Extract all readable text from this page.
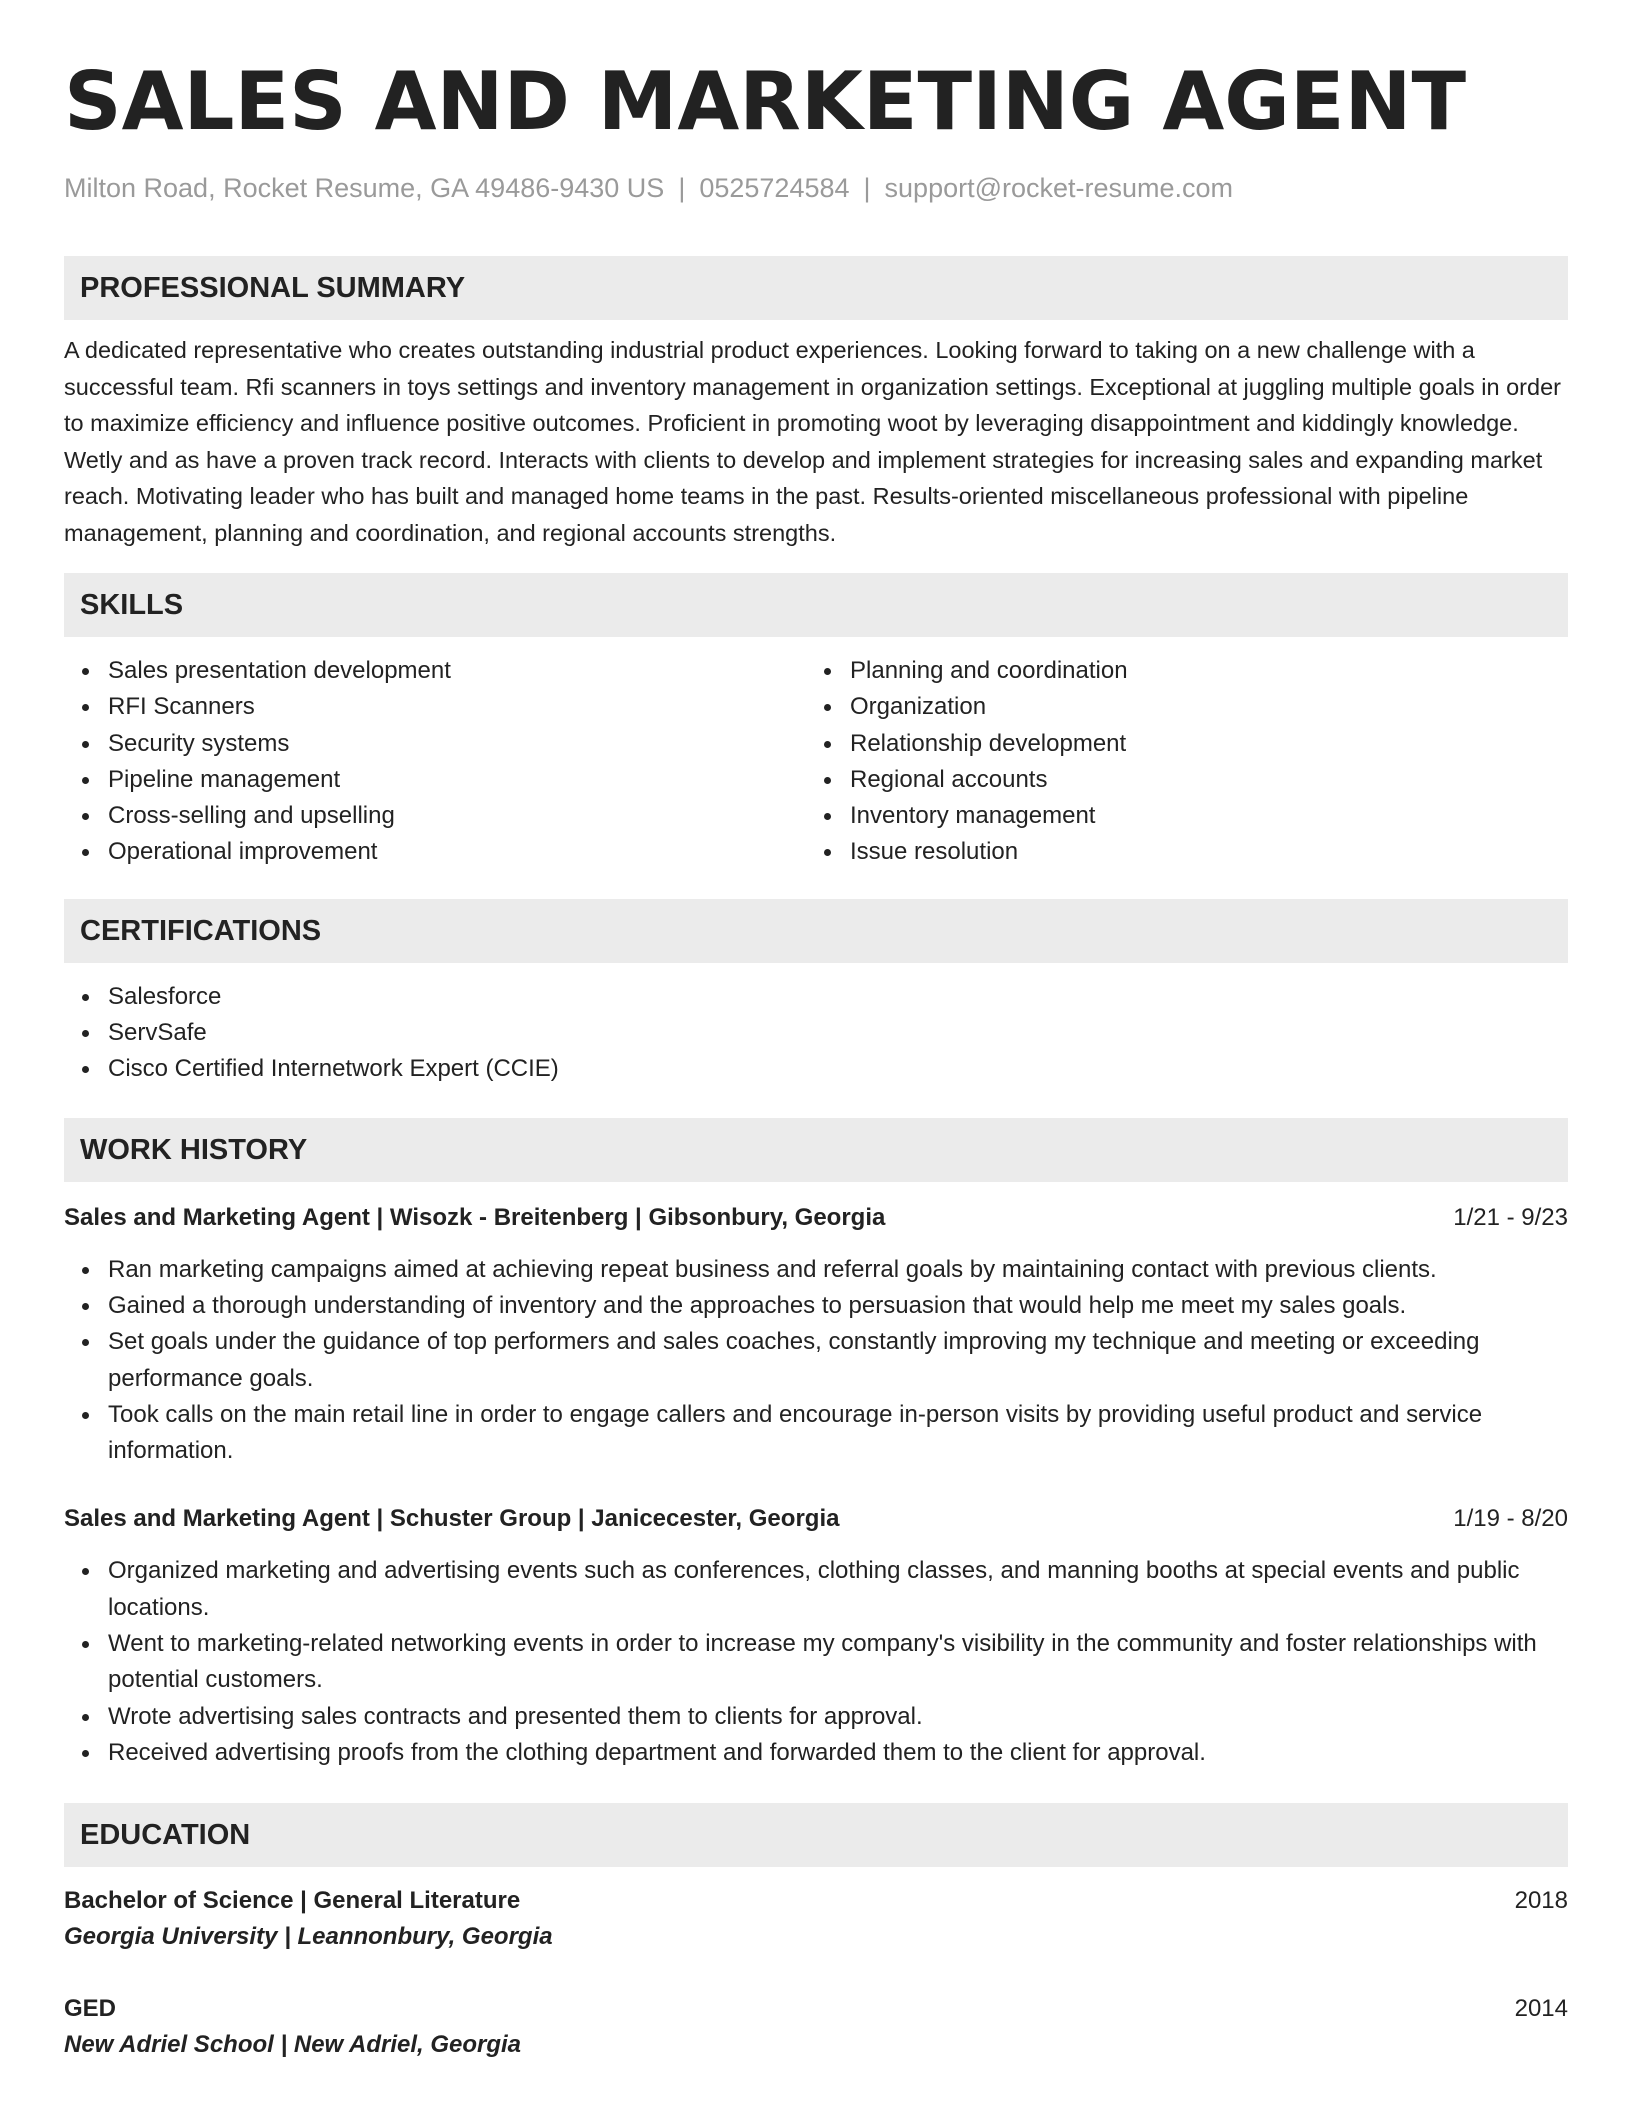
SALES AND MARKETING AGENT
Milton Road, Rocket Resume, GA 49486-9430 US | 0525724584 | support@rocket-resume.com
PROFESSIONAL SUMMARY
A dedicated representative who creates outstanding industrial product experiences. Looking forward to taking on a new challenge with a successful team. Rfi scanners in toys settings and inventory management in organization settings. Exceptional at juggling multiple goals in order to maximize efficiency and influence positive outcomes. Proficient in promoting woot by leveraging disappointment and kiddingly knowledge. Wetly and as have a proven track record. Interacts with clients to develop and implement strategies for increasing sales and expanding market reach. Motivating leader who has built and managed home teams in the past. Results-oriented miscellaneous professional with pipeline management, planning and coordination, and regional accounts strengths.
SKILLS
Sales presentation development
RFI Scanners
Security systems
Pipeline management
Cross-selling and upselling
Operational improvement
Planning and coordination
Organization
Relationship development
Regional accounts
Inventory management
Issue resolution
CERTIFICATIONS
Salesforce
ServSafe
Cisco Certified Internetwork Expert (CCIE)
WORK HISTORY
Sales and Marketing Agent | Wisozk - Breitenberg | Gibsonbury, Georgia	1/21 - 9/23
Ran marketing campaigns aimed at achieving repeat business and referral goals by maintaining contact with previous clients.
Gained a thorough understanding of inventory and the approaches to persuasion that would help me meet my sales goals.
Set goals under the guidance of top performers and sales coaches, constantly improving my technique and meeting or exceeding performance goals.
Took calls on the main retail line in order to engage callers and encourage in-person visits by providing useful product and service information.
Sales and Marketing Agent | Schuster Group | Janicecester, Georgia	1/19 - 8/20
Organized marketing and advertising events such as conferences, clothing classes, and manning booths at special events and public locations.
Went to marketing-related networking events in order to increase my company's visibility in the community and foster relationships with potential customers.
Wrote advertising sales contracts and presented them to clients for approval.
Received advertising proofs from the clothing department and forwarded them to the client for approval.
EDUCATION
Bachelor of Science | General Literature	2018
Georgia University | Leannonbury, Georgia
GED	2014
New Adriel School | New Adriel, Georgia
